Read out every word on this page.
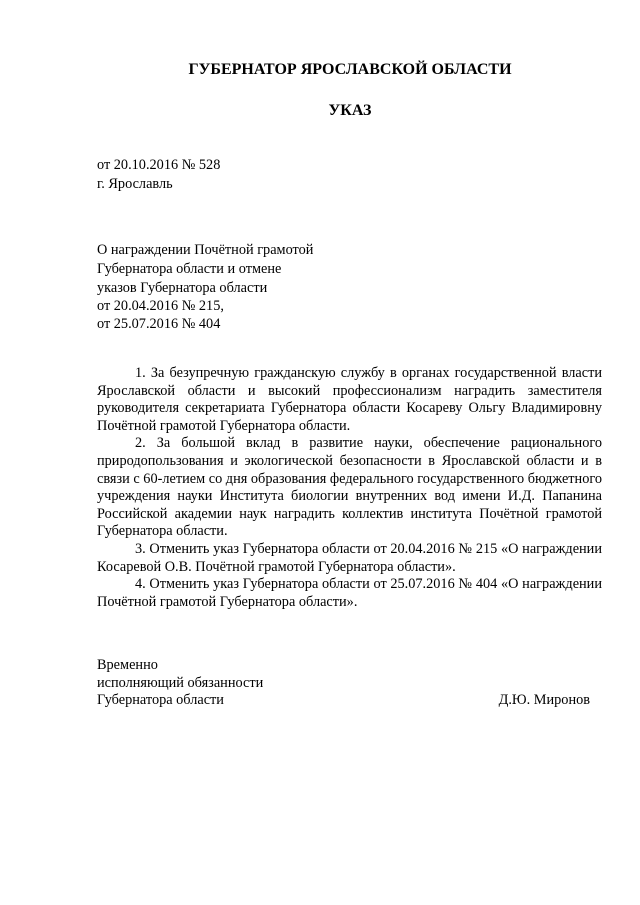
ГУБЕРНАТОР ЯРОСЛАВСКОЙ ОБЛАСТИ
УКАЗ
от 20.10.2016 № 528
г. Ярославль
О награждении Почётной грамотой
Губернатора области и отмене
указов Губернатора области
от 20.04.2016 № 215,
от 25.07.2016 № 404

1. За безупречную гражданскую службу в органах государственной власти Ярославской области и высокий профессионализм наградить заместителя руководителя секретариата Губернатора области Косареву Ольгу Владимировну Почётной грамотой Губернатора области.

2. За большой вклад в развитие науки, обеспечение рационального природопользования и экологической безопасности в Ярославской области и в связи с 60-летием со дня образования федерального государственного бюджетного учреждения науки Института биологии внутренних вод имени И.Д. Папанина Российской академии наук наградить коллектив института Почётной грамотой Губернатора области.

3. Отменить указ Губернатора области от 20.04.2016 № 215 «О награждении Косаревой О.В. Почётной грамотой Губернатора области».

4. Отменить указ Губернатора области от 25.07.2016 № 404 «О награждении Почётной грамотой Губернатора области».

Временно
исполняющий обязанности
Губернатора области	Д.Ю. Миронов
